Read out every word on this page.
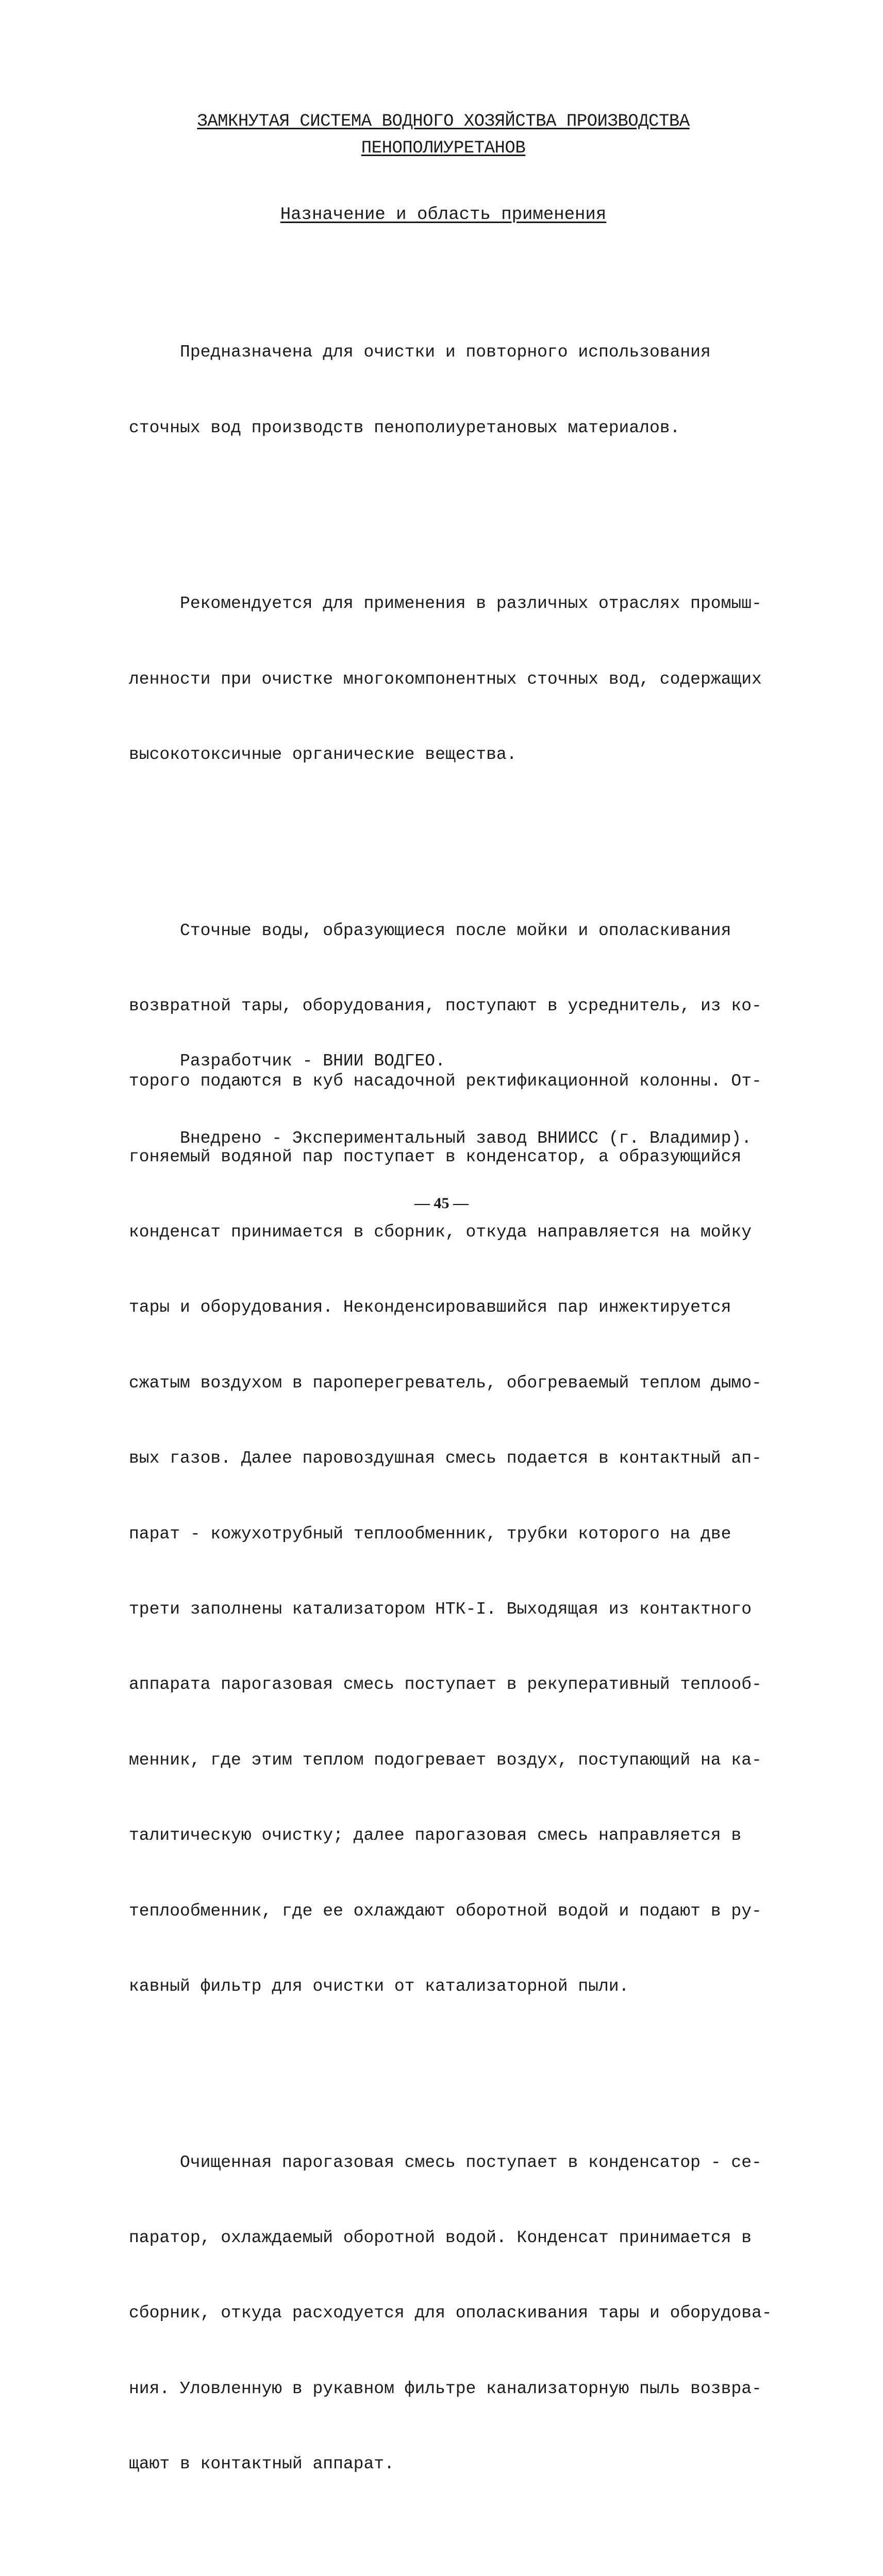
ЗАМКНУТАЯ СИСТЕМА ВОДНОГО ХОЗЯЙСТВА ПРОИЗВОДСТВА
ПЕНОПОЛИУРЕТАНОВ
Назначение и область применения

Предназначена для очистки и повторного использования

сточных вод производств пенополиуретановых материалов.

Рекомендуется для применения в различных отраслях промыш-

ленности при очистке многокомпонентных сточных вод, содержащих

высокотоксичные органические вещества.

Сточные воды, образующиеся после мойки и ополаскивания

возвратной тары, оборудования, поступают в усреднитель, из ко-

торого подаются в куб насадочной ректификационной колонны. От-

гоняемый водяной пар поступает в конденсатор, а образующийся

конденсат принимается в сборник, откуда направляется на мойку

тары и оборудования. Неконденсировавшийся пар инжектируется

сжатым воздухом в пароперегреватель, обогреваемый теплом дымо-

вых газов. Далее паровоздушная смесь подается в контактный ап-

парат - кожухотрубный теплообменник, трубки которого на две

трети заполнены катализатором НТК-I. Выходящая из контактного

аппарата парогазовая смесь поступает в рекуперативный теплооб-

менник, где этим теплом подогревает воздух, поступающий на ка-

талитическую очистку; далее парогазовая смесь направляется в

теплообменник, где ее охлаждают оборотной водой и подают в ру-

кавный фильтр для очистки от катализаторной пыли.

Очищенная парогазовая смесь поступает в конденсатор - се-

паратор, охлаждаемый оборотной водой. Конденсат принимается в

сборник, откуда расходуется для ополаскивания тары и оборудова-

ния. Уловленную в рукавном фильтре канализаторную пыль возвра-

щают в контактный аппарат.

Разработчик - ВНИИ ВОДГЕО.

Внедрено - Экспериментальный завод ВНИИСС (г. Владимир).

— 45 —
